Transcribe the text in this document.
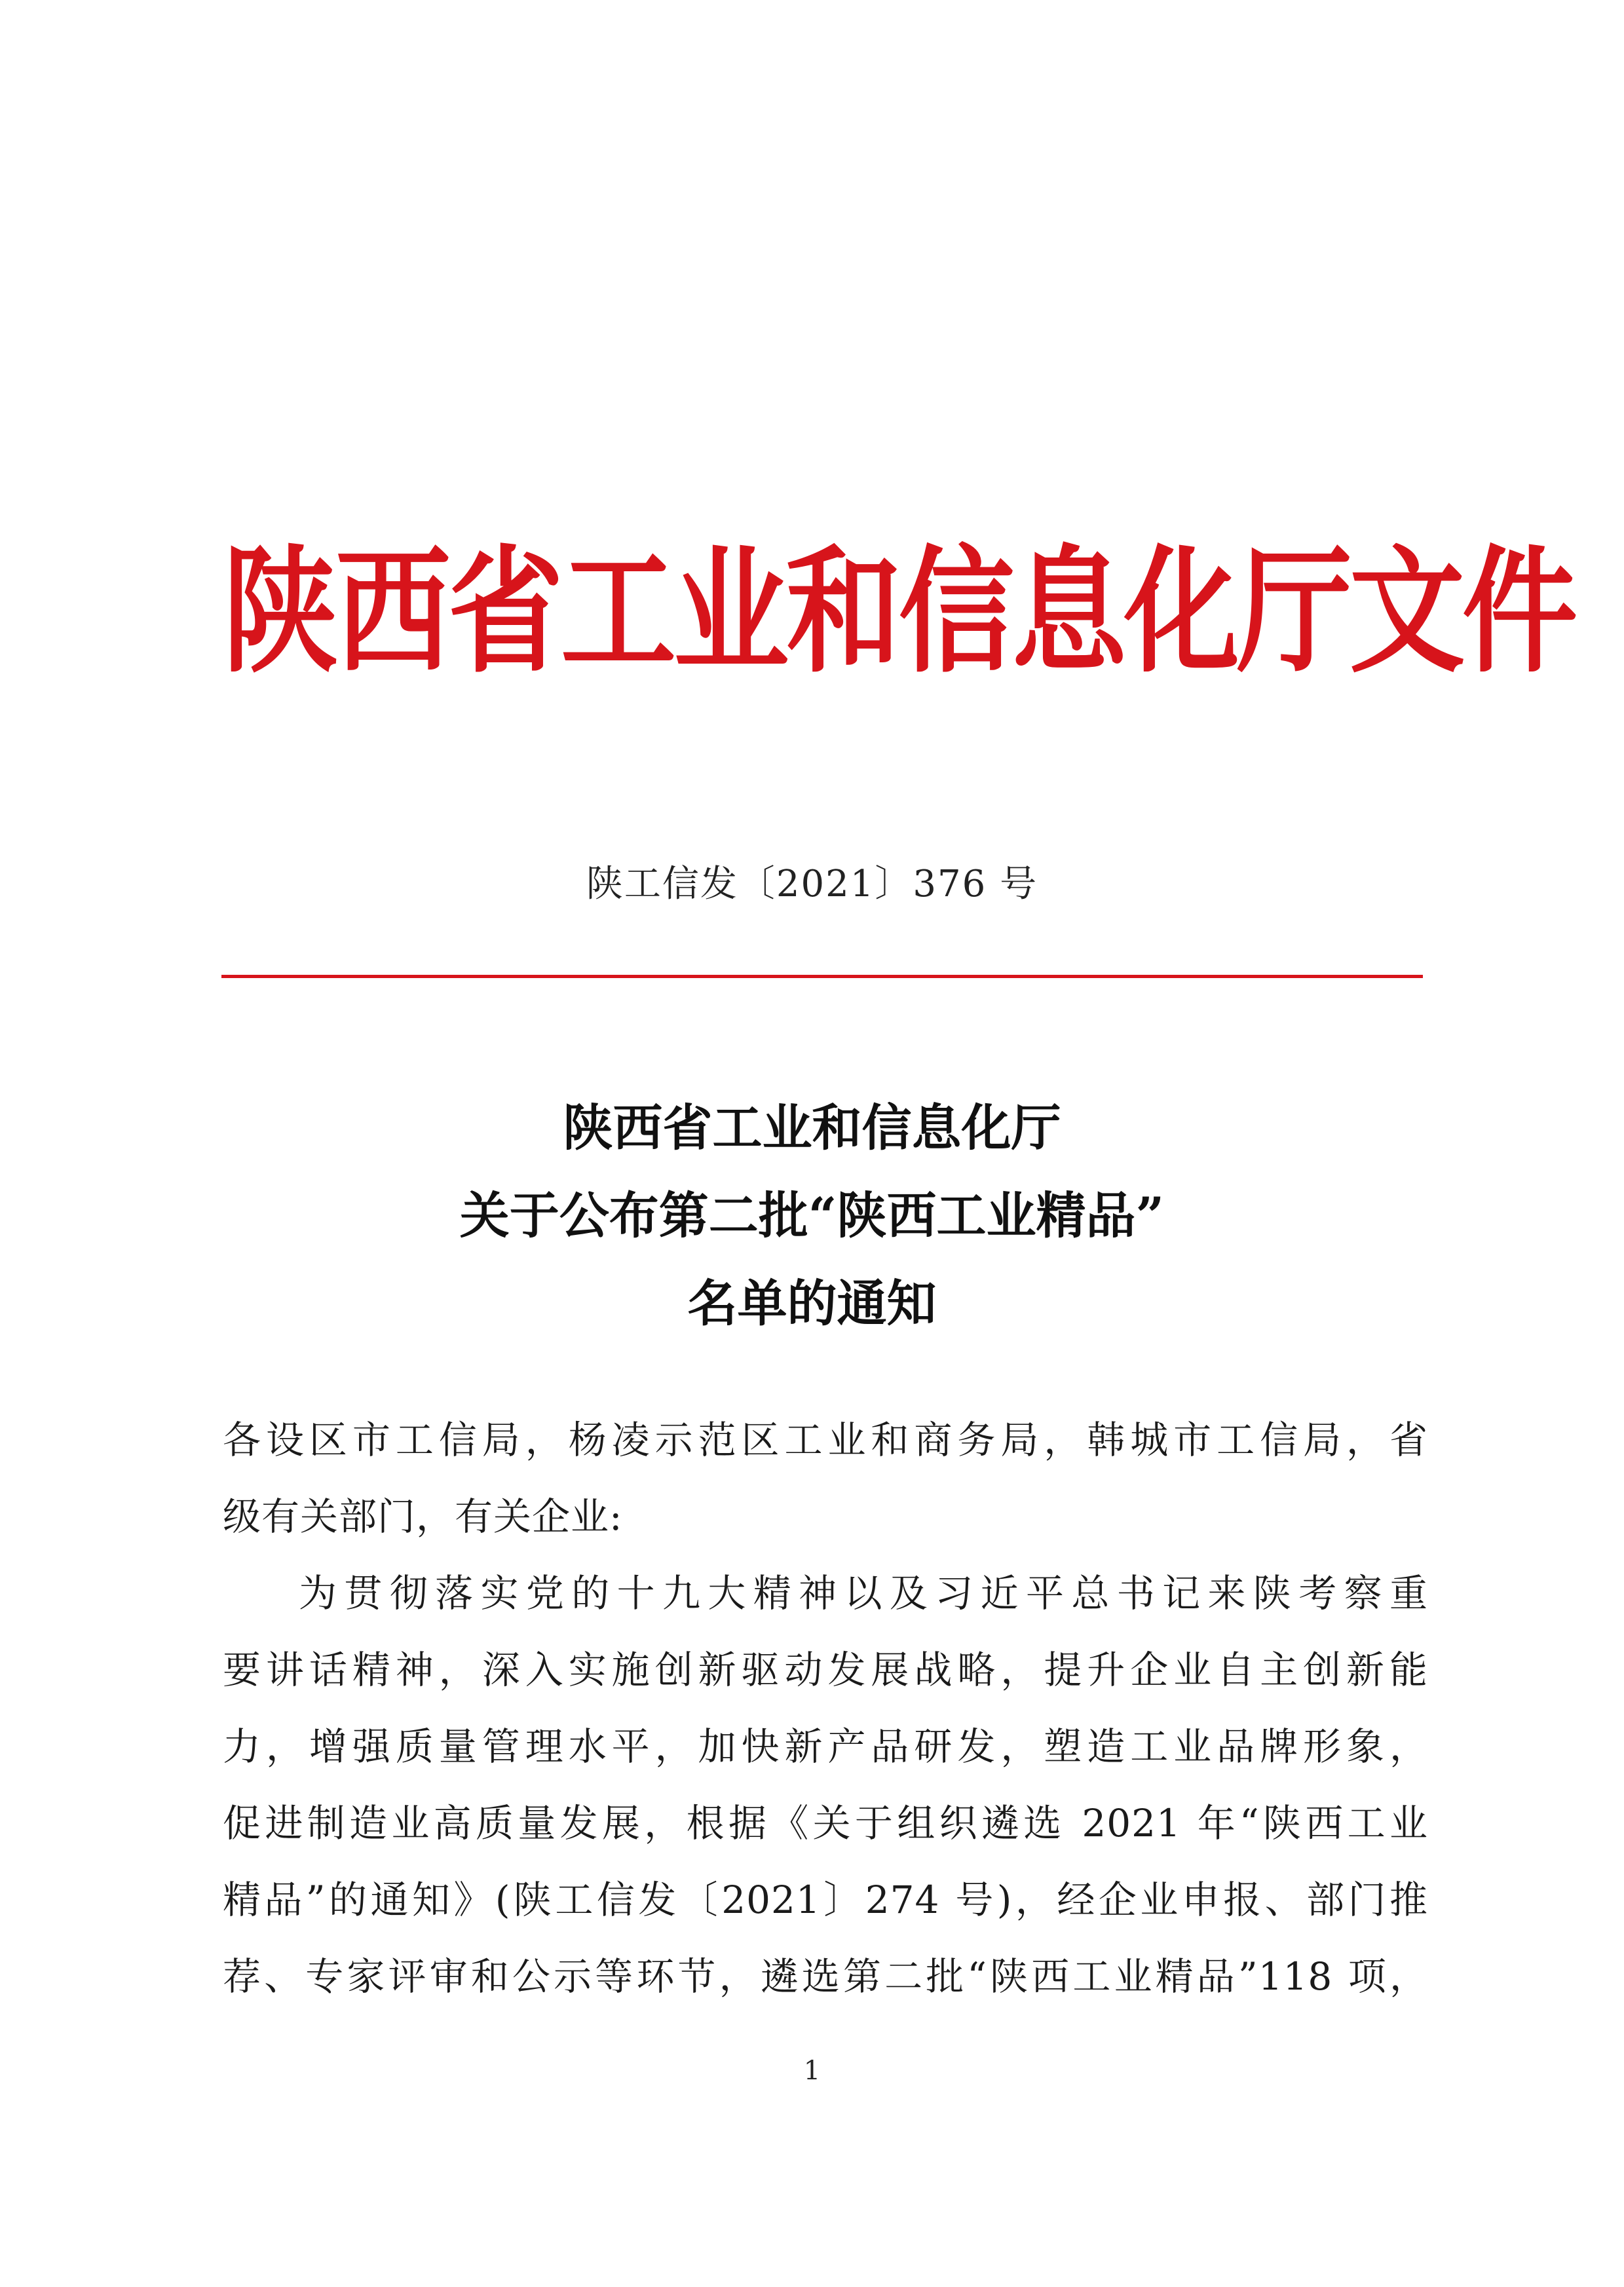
陕西省工业和信息化厅文件
陕工信发〔2021〕376 号
陕西省工业和信息化厅
关于公布第二批“陕西工业精品”
名单的通知
各设区市工信局，杨凌示范区工业和商务局，韩城市工信局，省
级有关部门，有关企业:
为贯彻落实党的十九大精神以及习近平总书记来陕考察重
要讲话精神，深入实施创新驱动发展战略，提升企业自主创新能
力，增强质量管理水平，加快新产品研发，塑造工业品牌形象，
促进制造业高质量发展，根据《关于组织遴选 2021 年“陕西工业
精品”的通知》(陕工信发〔2021〕274 号)，经企业申报、部门推
荐、专家评审和公示等环节，遴选第二批“陕西工业精品”118 项，
1
